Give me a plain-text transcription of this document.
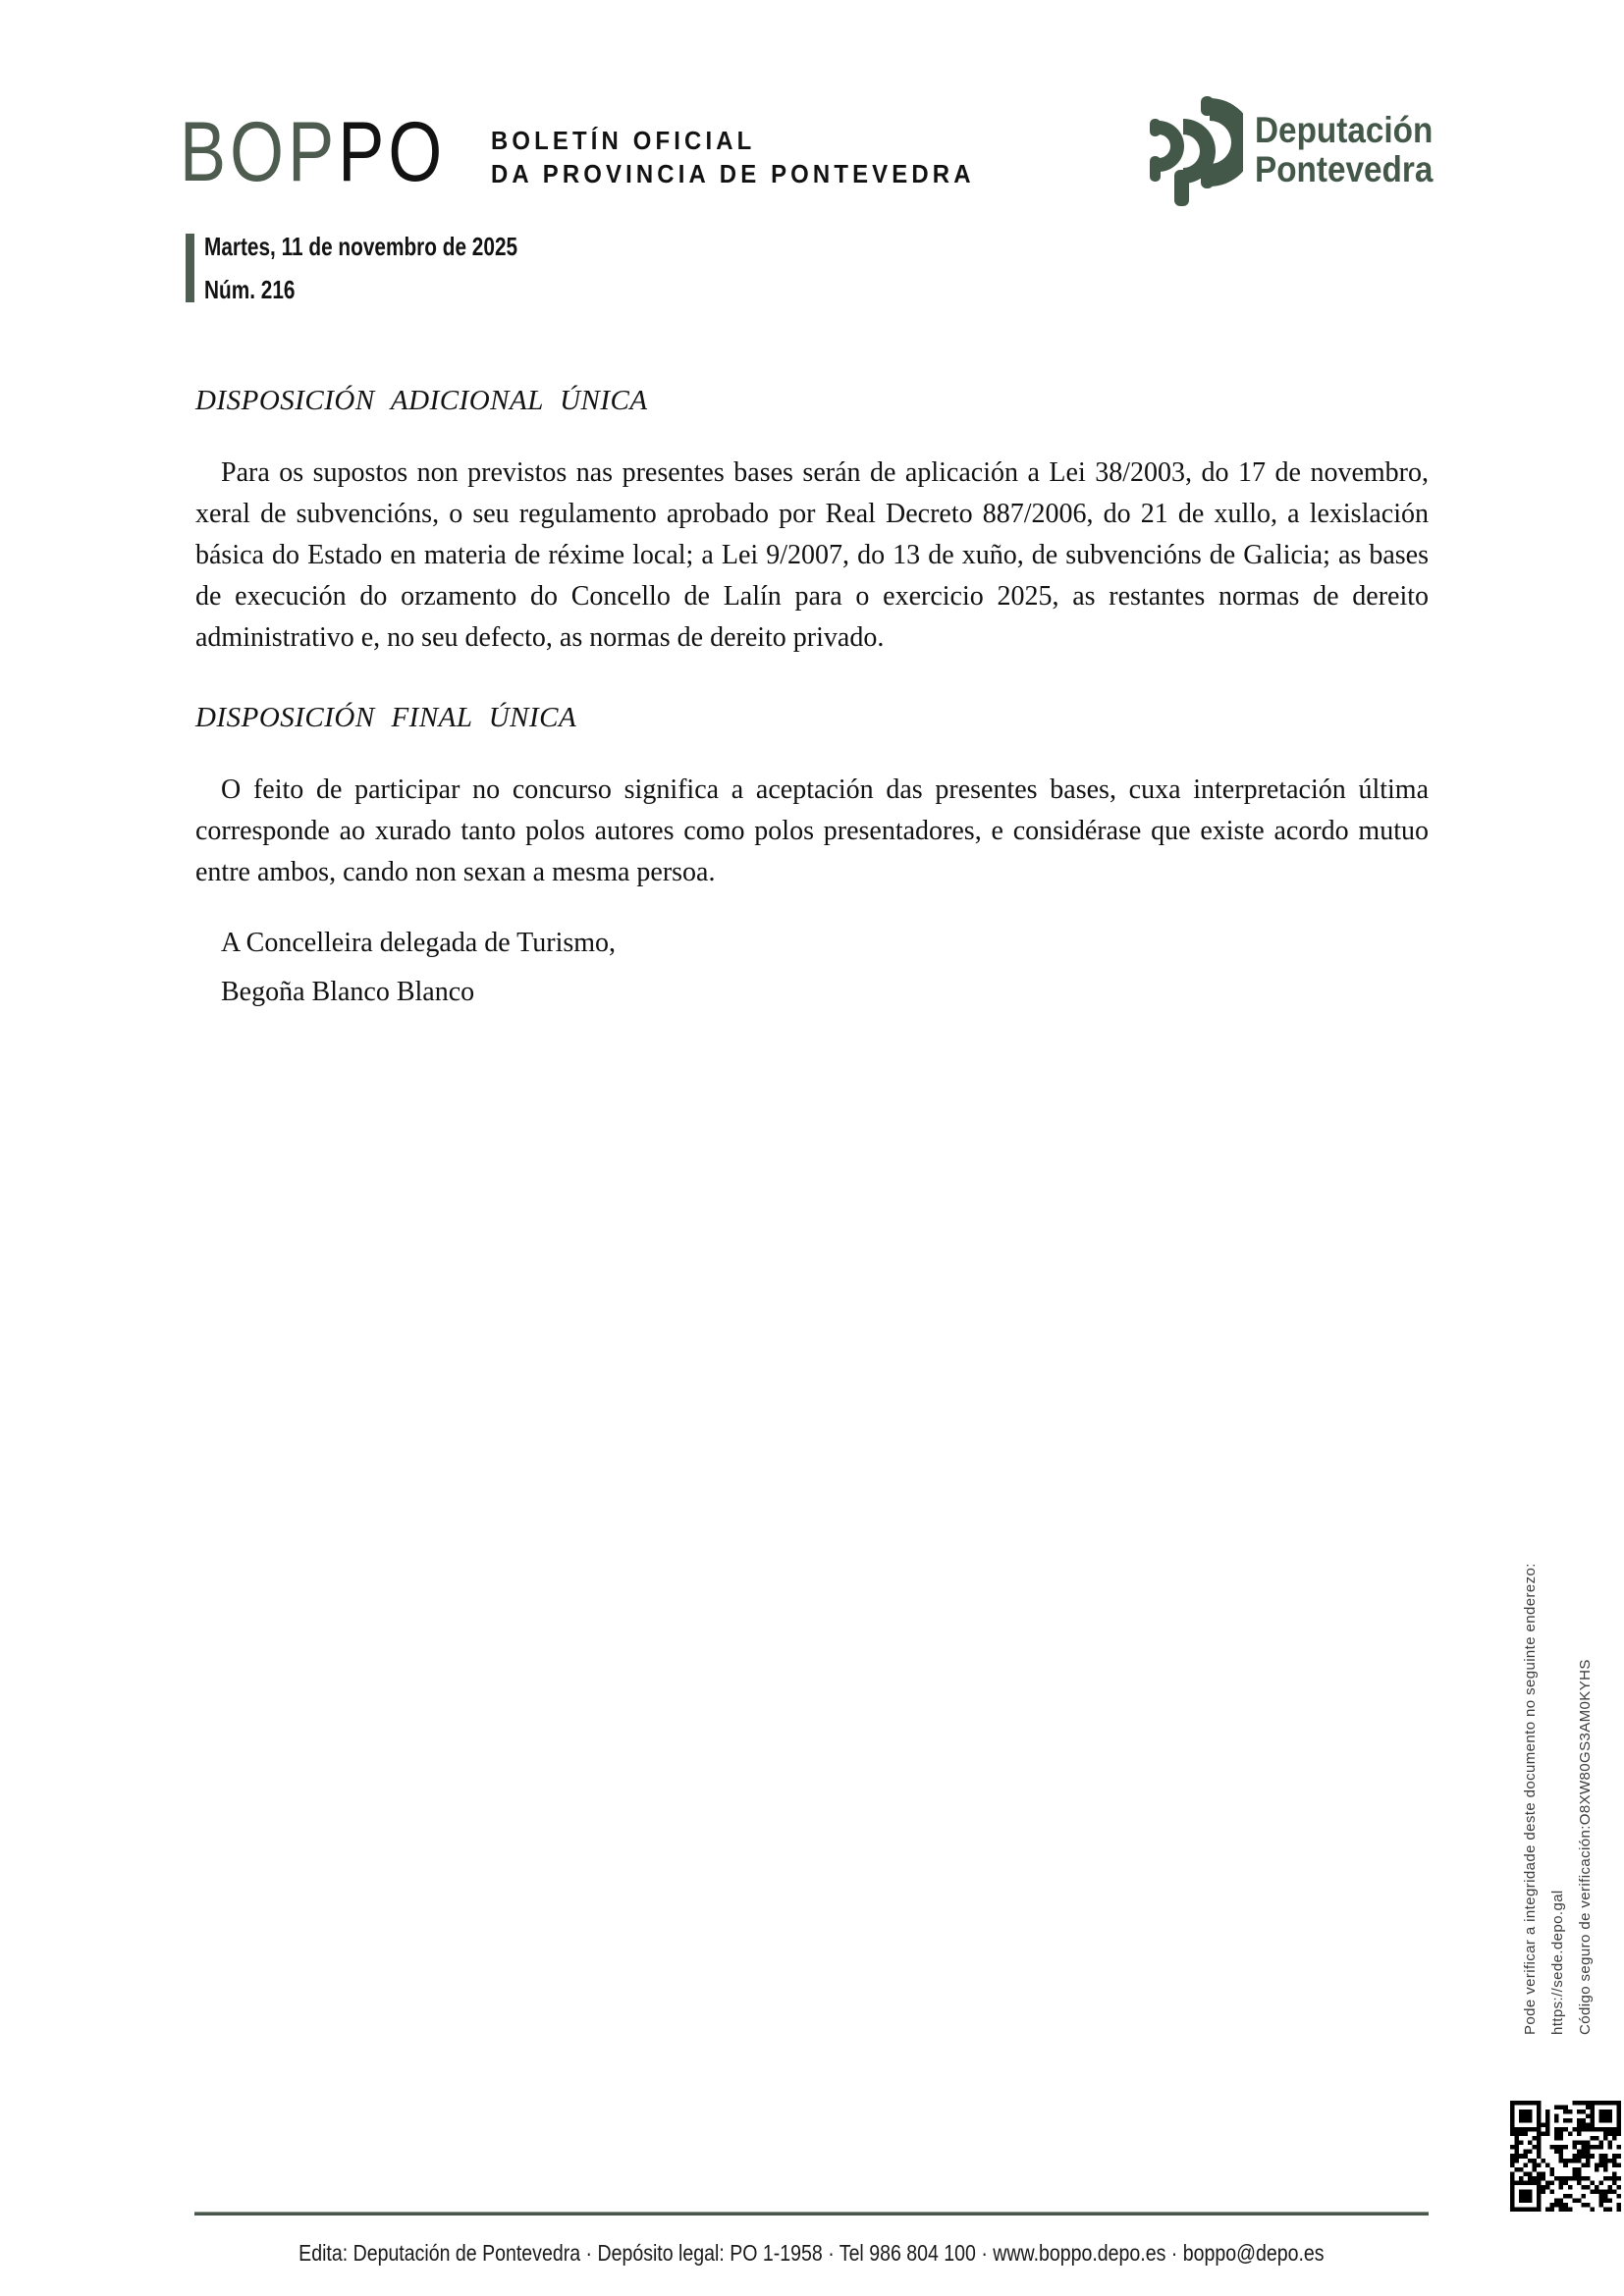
BOPPO BOLETÍN OFICIAL
DA PROVINCIA DE PONTEVEDRA
Deputación
Pontevedra
Martes, 11 de novembro de 2025
Núm. 216
DISPOSICIÓN ADICIONAL ÚNICA

Para os supostos non previstos nas presentes bases serán de aplicación a Lei 38/2003, do 17 de novembro, xeral de subvencións, o seu regulamento aprobado por Real Decreto 887/2006, do 21 de xullo, a lexislación básica do Estado en materia de réxime local; a Lei 9/2007, do 13 de xuño, de subvencións de Galicia; as bases de execución do orzamento do Concello de Lalín para o exercicio 2025, as restantes normas de dereito administrativo e, no seu defecto, as normas de dereito privado.

DISPOSICIÓN FINAL ÚNICA

O feito de participar no concurso significa a aceptación das presentes bases, cuxa interpretación última corresponde ao xurado tanto polos autores como polos presentadores, e considérase que existe acordo mutuo entre ambos, cando non sexan a mesma persoa.

A Concelleira delegada de Turismo,
Begoña Blanco Blanco
Pode verificar a integridade deste documento no seguinte enderezo: https://sede.depo.gal Código seguro de verificación:O8XW80GS3AM0KYHS
Edita: Deputación de Pontevedra · Depósito legal: PO 1-1958 · Tel 986 804 100 · www.boppo.depo.es · boppo@depo.es
